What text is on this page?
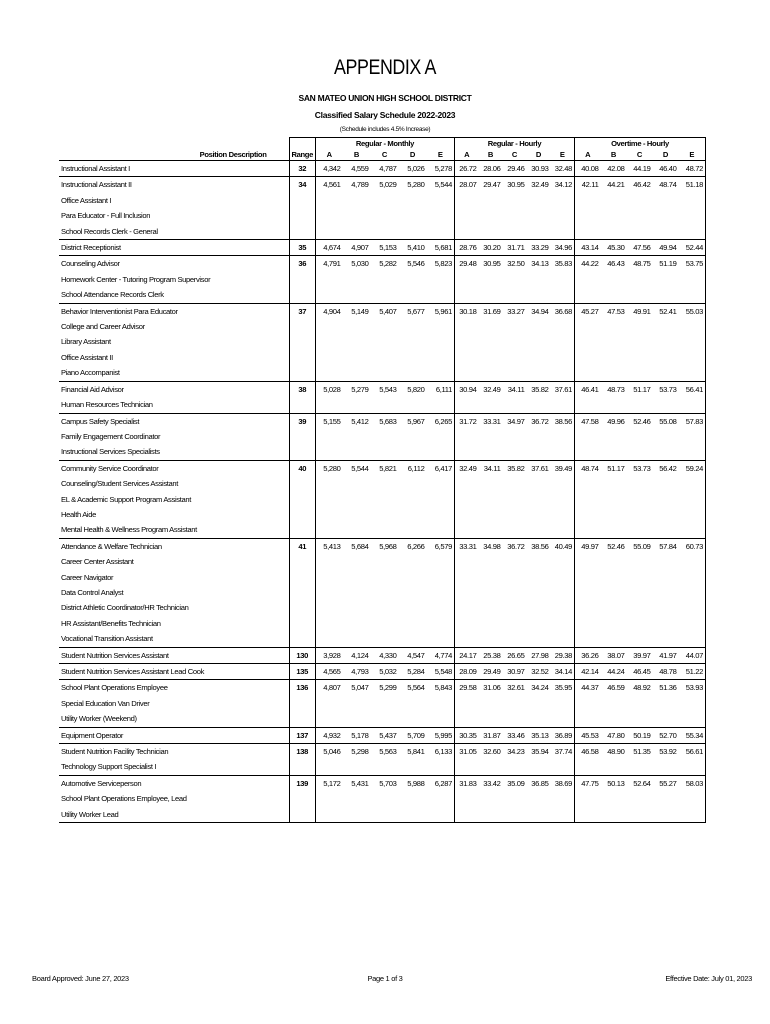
APPENDIX A
SAN MATEO UNION HIGH SCHOOL DISTRICT
Classified Salary Schedule 2022-2023
(Schedule includes 4.5% Increase)
		Regular - Monthly					Regular - Hourly					Overtime - Hourly				
Position Description	Range	A	B	C	D	E	A	B	C	D	E	A	B	C	D	E
Instructional Assistant I	32	4,342	4,559	4,787	5,026	5,278	26.72	28.06	29.46	30.93	32.48	40.08	42.08	44.19	46.40	48.72
Instructional Assistant II	34	4,561	4,789	5,029	5,280	5,544	28.07	29.47	30.95	32.49	34.12	42.11	44.21	46.42	48.74	51.18
Office Assistant I																
Para Educator - Full Inclusion																
School Records Clerk - General																
District Receptionist	35	4,674	4,907	5,153	5,410	5,681	28.76	30.20	31.71	33.29	34.96	43.14	45.30	47.56	49.94	52.44
Counseling Advisor	36	4,791	5,030	5,282	5,546	5,823	29.48	30.95	32.50	34.13	35.83	44.22	46.43	48.75	51.19	53.75
Homework Center - Tutoring Program Supervisor																
School Attendance Records Clerk																
Behavior Interventionist Para Educator	37	4,904	5,149	5,407	5,677	5,961	30.18	31.69	33.27	34.94	36.68	45.27	47.53	49.91	52.41	55.03
College and Career Advisor																
Library Assistant																
Office Assistant II																
Piano Accompanist																
Financial Aid Advisor	38	5,028	5,279	5,543	5,820	6,111	30.94	32.49	34.11	35.82	37.61	46.41	48.73	51.17	53.73	56.41
Human Resources Technician																
Campus Safety Specialist	39	5,155	5,412	5,683	5,967	6,265	31.72	33.31	34.97	36.72	38.56	47.58	49.96	52.46	55.08	57.83
Family Engagement Coordinator																
Instructional Services Specialists																
Community Service Coordinator	40	5,280	5,544	5,821	6,112	6,417	32.49	34.11	35.82	37.61	39.49	48.74	51.17	53.73	56.42	59.24
Counseling/Student Services Assistant																
EL & Academic Support Program Assistant																
Health Aide																
Mental Health & Wellness Program Assistant																
Attendance & Welfare Technician	41	5,413	5,684	5,968	6,266	6,579	33.31	34.98	36.72	38.56	40.49	49.97	52.46	55.09	57.84	60.73
Career Center Assistant																
Career Navigator																
Data Control Analyst																
District Athletic Coordinator/HR Technician																
HR Assistant/Benefits Technician																
Vocational Transition Assistant																
Student Nutrition Services Assistant	130	3,928	4,124	4,330	4,547	4,774	24.17	25.38	26.65	27.98	29.38	36.26	38.07	39.97	41.97	44.07
Student Nutrition Services Assistant Lead Cook	135	4,565	4,793	5,032	5,284	5,548	28.09	29.49	30.97	32.52	34.14	42.14	44.24	46.45	48.78	51.22
School Plant Operations Employee	136	4,807	5,047	5,299	5,564	5,843	29.58	31.06	32.61	34.24	35.95	44.37	46.59	48.92	51.36	53.93
Special Education Van Driver																
Utility Worker (Weekend)																
Equipment Operator	137	4,932	5,178	5,437	5,709	5,995	30.35	31.87	33.46	35.13	36.89	45.53	47.80	50.19	52.70	55.34
Student Nutrition Facility Technician	138	5,046	5,298	5,563	5,841	6,133	31.05	32.60	34.23	35.94	37.74	46.58	48.90	51.35	53.92	56.61
Technology Support Specialist I																
Automotive Serviceperson	139	5,172	5,431	5,703	5,988	6,287	31.83	33.42	35.09	36.85	38.69	47.75	50.13	52.64	55.27	58.03
School Plant Operations Employee, Lead																
Utility Worker Lead																
Board Approved: June 27, 2023	Page 1 of 3	Effective Date: July 01, 2023
